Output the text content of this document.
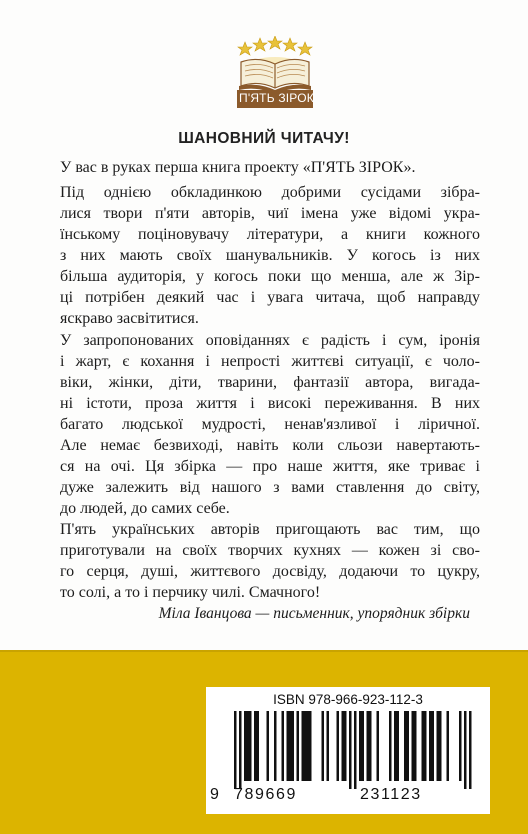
П'ЯТЬ ЗІРОК
ШАНОВНИЙ ЧИТАЧУ!
У вас в руках перша книга проекту «П'ЯТЬ ЗІРОК».
Під однією обкладинкою добрими сусідами зібра-
лися твори п'яти авторів, чиї імена уже відомі укра-
їнському поціновувачу літератури, а книги кожного
з них мають своїх шанувальників. У когось із них
більша аудиторія, у когось поки що менша, але ж Зір-
ці потрібен деякий час і увага читача, щоб направду
яскраво засвітитися.
У запропонованих оповіданнях є радість і сум, іронія
і жарт, є кохання і непрості життєві ситуації, є чоло-
віки, жінки, діти, тварини, фантазії автора, вигада-
ні істоти, проза життя і високі переживання. В них
багато людської мудрості, ненав'язливої і ліричної.
Але немає безвиході, навіть коли сльози навертають-
ся на очі. Ця збірка — про наше життя, яке триває і
дуже залежить від нашого з вами ставлення до світу,
до людей, до самих себе.
П'ять українських авторів пригощають вас тим, що
приготували на своїх творчих кухнях — кожен зі сво-
го серця, душі, життєвого досвіду, додаючи то цукру,
то солі, а то і перчику чилі. Смачного!
Міла Іванцова — письменник, упорядник збірки
ISBN 978-966-923-112-3
9 789669	231123
